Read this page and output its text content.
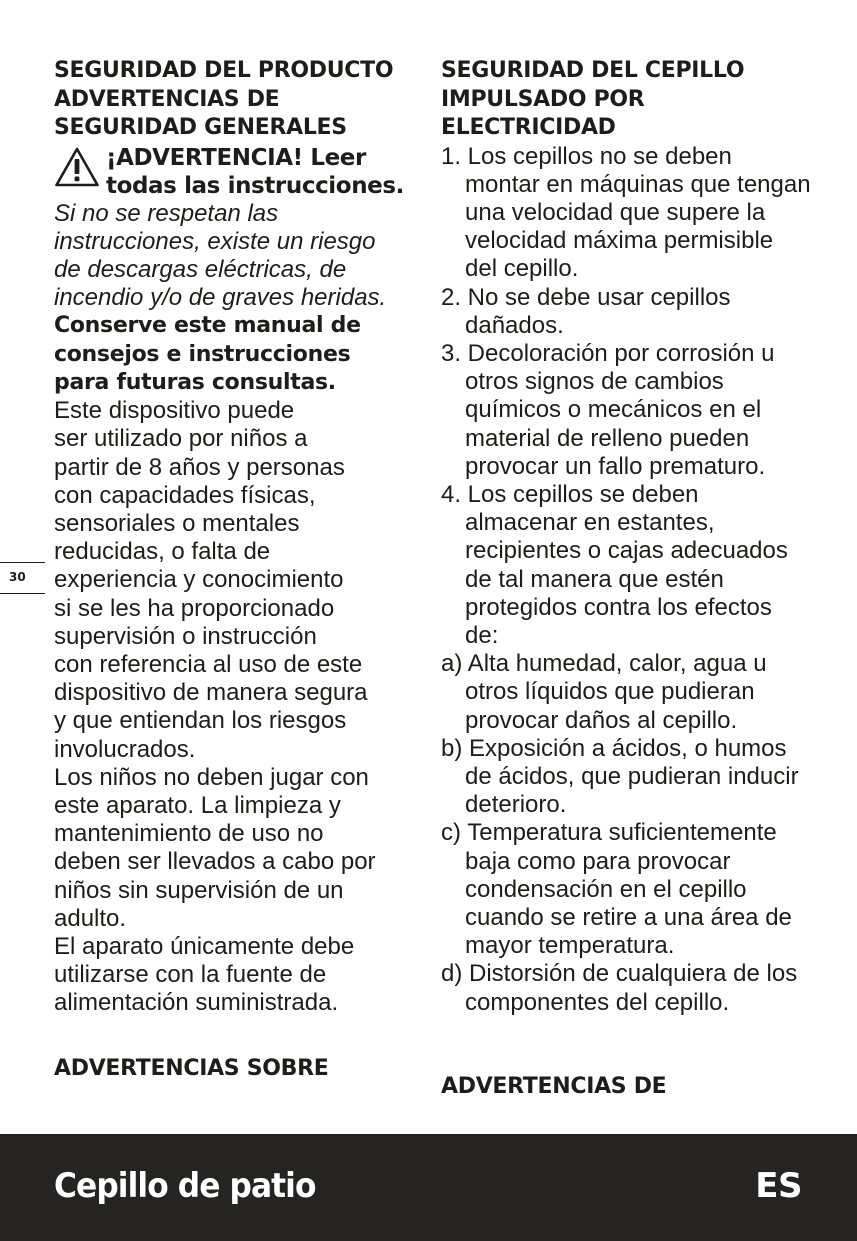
30
SEGURIDAD DEL PRODUCTO
ADVERTENCIAS DE
SEGURIDAD GENERALES
¡ADVERTENCIA! Leer
todas las instrucciones.
Si no se respetan las
instrucciones, existe un riesgo
de descargas eléctricas, de
incendio y/o de graves heridas.
Conserve este manual de
consejos e instrucciones
para futuras consultas.
Este dispositivo puede
ser utilizado por niños a
partir de 8 años y personas
con capacidades físicas,
sensoriales o mentales
reducidas, o falta de
experiencia y conocimiento
si se les ha proporcionado
supervisión o instrucción
con referencia al uso de este
dispositivo de manera segura
y que entiendan los riesgos
involucrados.
Los niños no deben jugar con
este aparato. La limpieza y
mantenimiento de uso no
deben ser llevados a cabo por
niños sin supervisión de un
adulto.
El aparato únicamente debe
utilizarse con la fuente de
alimentación suministrada.
ADVERTENCIAS SOBRE
SEGURIDAD DEL CEPILLO
IMPULSADO POR
ELECTRICIDAD
1. Los cepillos no se deben montar en máquinas que tengan una velocidad que supere la velocidad máxima permisible del cepillo.
2. No se debe usar cepillos dañados.
3. Decoloración por corrosión u otros signos de cambios químicos o mecánicos en el material de relleno pueden provocar un fallo prematuro.
4. Los cepillos se deben almacenar en estantes, recipientes o cajas adecuados de tal manera que estén protegidos contra los efectos de:
a) Alta humedad, calor, agua u otros líquidos que pudieran provocar daños al cepillo.
b) Exposición a ácidos, o humos de ácidos, que pudieran inducir deterioro.
c) Temperatura suficientemente baja como para provocar condensación en el cepillo cuando se retire a una área de mayor temperatura.
d) Distorsión de cualquiera de los componentes del cepillo.
ADVERTENCIAS DE
Cepillo de patio	ES
